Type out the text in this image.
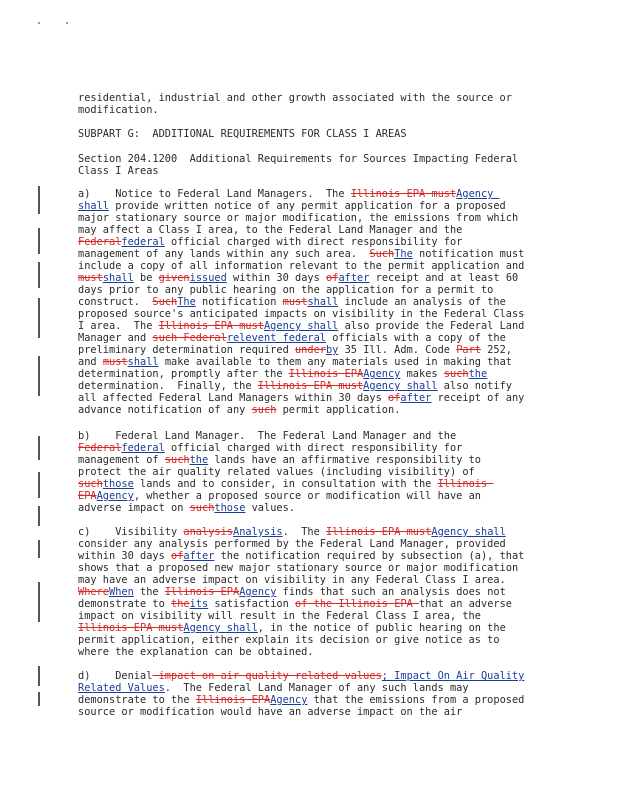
residential, industrial and other growth associated with the source or
modification.
SUBPART G:  ADDITIONAL REQUIREMENTS FOR CLASS I AREAS
Section 204.1200  Additional Requirements for Sources Impacting Federal
Class I Areas
a)    Notice to Federal Land Managers.  The Illinois EPA mustAgency
shall provide written notice of any permit application for a proposed
major stationary source or major modification, the emissions from which
may affect a Class I area, to the Federal Land Manager and the
Federalfederal official charged with direct responsibility for
management of any lands within any such area.  SuchThe notification must
include a copy of all information relevant to the permit application and
mustshall be givenissued within 30 days ofafter receipt and at least 60
days prior to any public hearing on the application for a permit to
construct.  SuchThe notification mustshall include an analysis of the
proposed source's anticipated impacts on visibility in the Federal Class
I area.  The Illinois EPA mustAgency shall also provide the Federal Land
Manager and such Federalrelevent federal officials with a copy of the
preliminary determination required underby 35 Ill. Adm. Code Part 252,
and mustshall make available to them any materials used in making that
determination, promptly after the Illinois EPAAgency makes suchthe
determination.  Finally, the Illinois EPA mustAgency shall also notify
all affected Federal Land Managers within 30 days ofafter receipt of any
advance notification of any such permit application.
b)    Federal Land Manager.  The Federal Land Manager and the
Federalfederal official charged with direct responsibility for
management of suchthe lands have an affirmative responsibility to
protect the air quality related values (including visibility) of
suchthose lands and to consider, in consultation with the Illinois
EPAAgency, whether a proposed source or modification will have an
adverse impact on suchthose values.
c)    Visibility analysisAnalysis.  The Illinois EPA mustAgency shall
consider any analysis performed by the Federal Land Manager, provided
within 30 days ofafter the notification required by subsection (a), that
shows that a proposed new major stationary source or major modification
may have an adverse impact on visibility in any Federal Class I area.
WhereWhen the Illinois EPAAgency finds that such an analysis does not
demonstrate to theits satisfaction of the Illinois EPA that an adverse
impact on visibility will result in the Federal Class I area, the
Illinois EPA mustAgency shall, in the notice of public hearing on the
permit application, either explain its decision or give notice as to
where the explanation can be obtained.
d)    Denial impact on air quality related values; Impact On Air Quality
Related Values.  The Federal Land Manager of any such lands may
demonstrate to the Illinois EPAAgency that the emissions from a proposed
source or modification would have an adverse impact on the air
